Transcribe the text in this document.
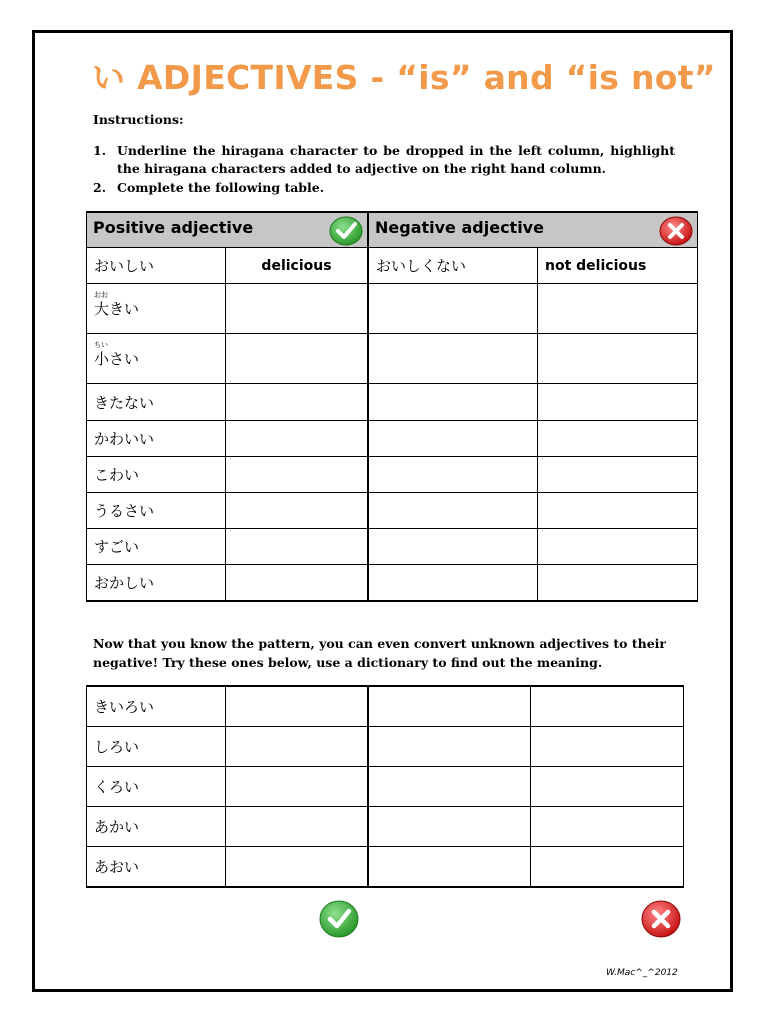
い ADJECTIVES - “is” and “is not”
Instructions:
1. Underline the hiragana character to be dropped in the left column, highlight the hiragana characters added to adjective on the right hand column.
2. Complete the following table.
Positive adjective		Negative adjective	

おいしい	delicious	おいしくない	not delicious

おお
大きい			

ちい
小さい			
きたない			
かわいい			
こわい			
うるさい			
すごい			
おかしい			
Now that you know the pattern, you can even convert unknown adjectives to their negative! Try these ones below, use a dictionary to find out the meaning.
きいろい			
しろい			
くろい			
あかい			
あおい			
W.Mac^_^2012
